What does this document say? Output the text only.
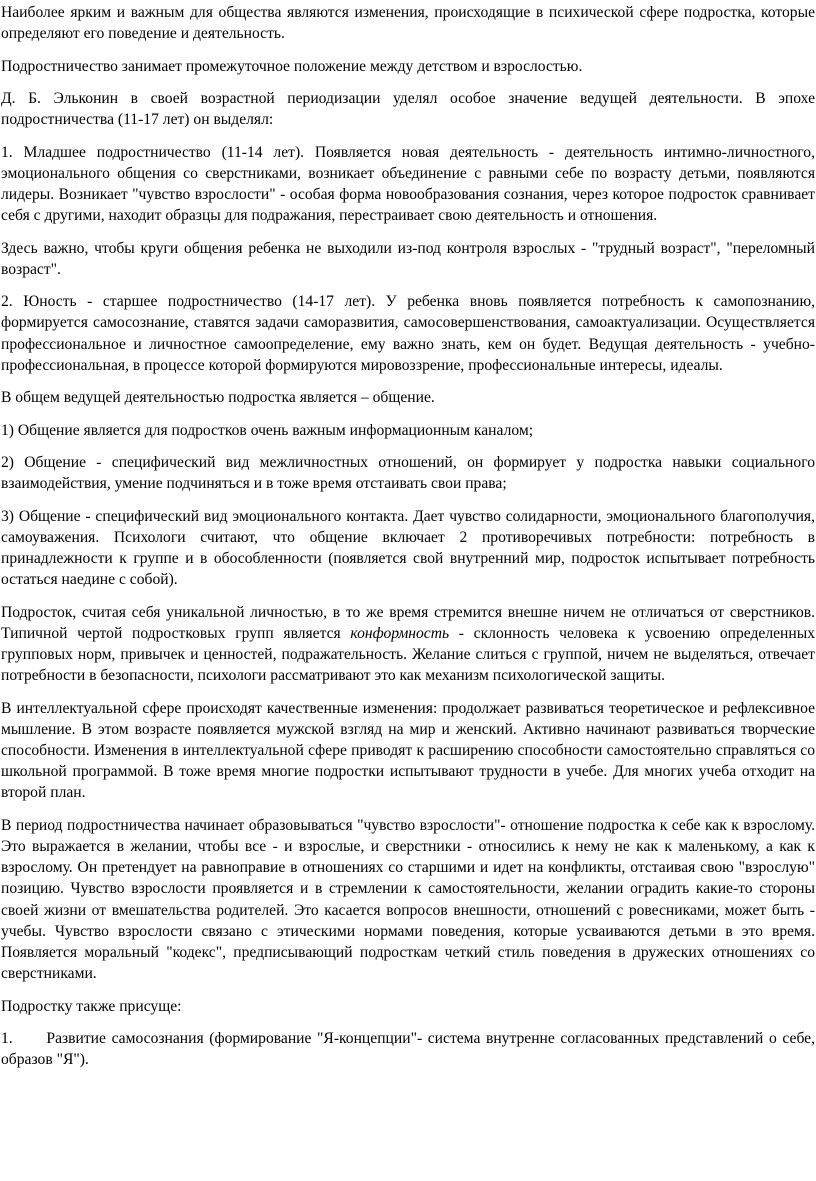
Наиболее ярким и важным для общества являются изменения, происходящие в психической сфере подростка, которые определяют его поведение и деятельность.

Подростничество занимает промежуточное положение между детством и взрослостью.

Д. Б. Эльконин в своей возрастной периодизации уделял особое значение ведущей деятельности. В эпохе подростничества (11-17 лет) он выделял:

1. Младшее подростничество (11-14 лет). Появляется новая деятельность - деятельность интимно-личностного, эмоционального общения со сверстниками, возникает объединение с равными себе по возрасту детьми, появляются лидеры. Возникает "чувство взрослости" - особая форма новообразования сознания, через которое подросток сравнивает себя с другими, находит образцы для подражания, перестраивает свою деятельность и отношения.

Здесь важно, чтобы круги общения ребенка не выходили из-под контроля взрослых - "трудный возраст", "переломный возраст".

2. Юность - старшее подростничество (14-17 лет). У ребенка вновь появляется потребность к самопознанию, формируется самосознание, ставятся задачи саморазвития, самосовершенствования, самоактуализации. Осуществляется профессиональное и личностное самоопределение, ему важно знать, кем он будет. Ведущая деятельность - учебно-профессиональная, в процессе которой формируются мировоззрение, профессиональные интересы, идеалы.

В общем ведущей деятельностью подростка является – общение.

1) Общение является для подростков очень важным информационным каналом;

2) Общение - специфический вид межличностных отношений, он формирует у подростка навыки социального взаимодействия, умение подчиняться и в тоже время отстаивать свои права;

3) Общение - специфический вид эмоционального контакта. Дает чувство солидарности, эмоционального благополучия, самоуважения. Психологи считают, что общение включает 2 противоречивых потребности: потребность в принадлежности к группе и в обособленности (появляется свой внутренний мир, подросток испытывает потребность остаться наедине с собой).

Подросток, считая себя уникальной личностью, в то же время стремится внешне ничем не отличаться от сверстников. Типичной чертой подростковых групп является конформность - склонность человека к усвоению определенных групповых норм, привычек и ценностей, подражательность. Желание слиться с группой, ничем не выделяться, отвечает потребности в безопасности, психологи рассматривают это как механизм психологической защиты.

В интеллектуальной сфере происходят качественные изменения: продолжает развиваться теоретическое и рефлексивное мышление. В этом возрасте появляется мужской взгляд на мир и женский. Активно начинают развиваться творческие способности. Изменения в интеллектуальной сфере приводят к расширению способности самостоятельно справляться со школьной программой. В тоже время многие подростки испытывают трудности в учебе. Для многих учеба отходит на второй план.

В период подростничества начинает образовываться "чувство взрослости"- отношение подростка к себе как к взрослому. Это выражается в желании, чтобы все - и взрослые, и сверстники - относились к нему не как к маленькому, а как к взрослому. Он претендует на равноправие в отношениях со старшими и идет на конфликты, отстаивая свою "взрослую" позицию. Чувство взрослости проявляется и в стремлении к самостоятельности, желании оградить какие-то стороны своей жизни от вмешательства родителей. Это касается вопросов внешности, отношений с ровесниками, может быть - учебы. Чувство взрослости связано с этическими нормами поведения, которые усваиваются детьми в это время. Появляется моральный "кодекс", предписывающий подросткам четкий стиль поведения в дружеских отношениях со сверстниками.

Подростку также присуще:

1.      Развитие самосознания (формирование "Я-концепции"- система внутренне согласованных представлений о себе, образов "Я").
